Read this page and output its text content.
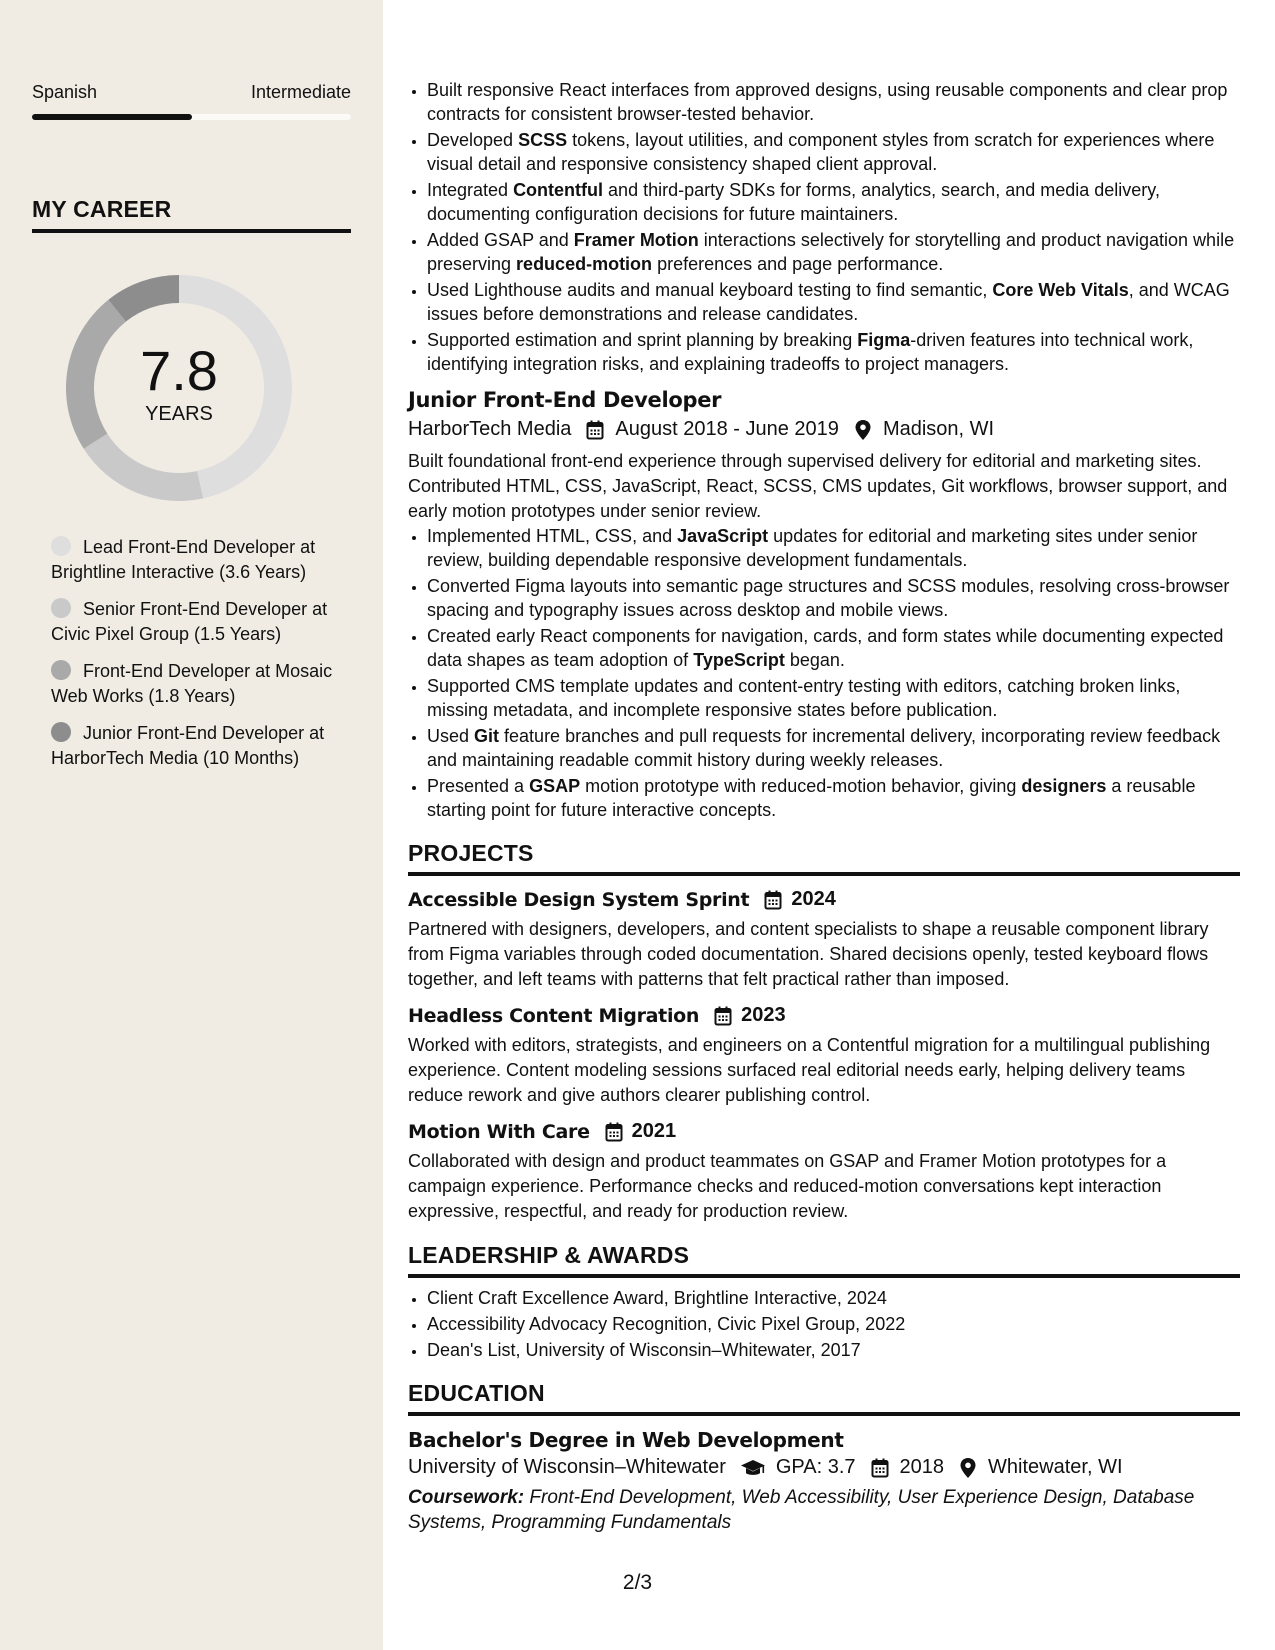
Spanish	Intermediate
MY CAREER
7.8
YEARS
Lead Front-End Developer at Brightline Interactive (3.6 Years)
Senior Front-End Developer at Civic Pixel Group (1.5 Years)
Front-End Developer at Mosaic Web Works (1.8 Years)
Junior Front-End Developer at HarborTech Media (10 Months)
• Built responsive React interfaces from approved designs, using reusable components and clear prop contracts for consistent browser-tested behavior.
• Developed SCSS tokens, layout utilities, and component styles from scratch for experiences where visual detail and responsive consistency shaped client approval.
• Integrated Contentful and third-party SDKs for forms, analytics, search, and media delivery, documenting configuration decisions for future maintainers.
• Added GSAP and Framer Motion interactions selectively for storytelling and product navigation while preserving reduced-motion preferences and page performance.
• Used Lighthouse audits and manual keyboard testing to find semantic, Core Web Vitals, and WCAG issues before demonstrations and release candidates.
• Supported estimation and sprint planning by breaking Figma-driven features into technical work, identifying integration risks, and explaining tradeoffs to project managers.
Junior Front-End Developer
HarborTech Media August 2018 - June 2019 Madison, WI
Built foundational front-end experience through supervised delivery for editorial and marketing sites. Contributed HTML, CSS, JavaScript, React, SCSS, CMS updates, Git workflows, browser support, and early motion prototypes under senior review.
• Implemented HTML, CSS, and JavaScript updates for editorial and marketing sites under senior review, building dependable responsive development fundamentals.
• Converted Figma layouts into semantic page structures and SCSS modules, resolving cross-browser spacing and typography issues across desktop and mobile views.
• Created early React components for navigation, cards, and form states while documenting expected data shapes as team adoption of TypeScript began.
• Supported CMS template updates and content-entry testing with editors, catching broken links, missing metadata, and incomplete responsive states before publication.
• Used Git feature branches and pull requests for incremental delivery, incorporating review feedback and maintaining readable commit history during weekly releases.
• Presented a GSAP motion prototype with reduced-motion behavior, giving designers a reusable starting point for future interactive concepts.
PROJECTS
Accessible Design System Sprint 2024
Partnered with designers, developers, and content specialists to shape a reusable component library from Figma variables through coded documentation. Shared decisions openly, tested keyboard flows together, and left teams with patterns that felt practical rather than imposed.
Headless Content Migration 2023
Worked with editors, strategists, and engineers on a Contentful migration for a multilingual publishing experience. Content modeling sessions surfaced real editorial needs early, helping delivery teams reduce rework and give authors clearer publishing control.
Motion With Care 2021
Collaborated with design and product teammates on GSAP and Framer Motion prototypes for a campaign experience. Performance checks and reduced-motion conversations kept interaction expressive, respectful, and ready for production review.
LEADERSHIP & AWARDS
• Client Craft Excellence Award, Brightline Interactive, 2024
• Accessibility Advocacy Recognition, Civic Pixel Group, 2022
• Dean's List, University of Wisconsin–Whitewater, 2017
EDUCATION
Bachelor's Degree in Web Development
University of Wisconsin–Whitewater	GPA: 3.7 2018 Whitewater, WI
Coursework: Front-End Development, Web Accessibility, User Experience Design, Database Systems, Programming Fundamentals
2/3
